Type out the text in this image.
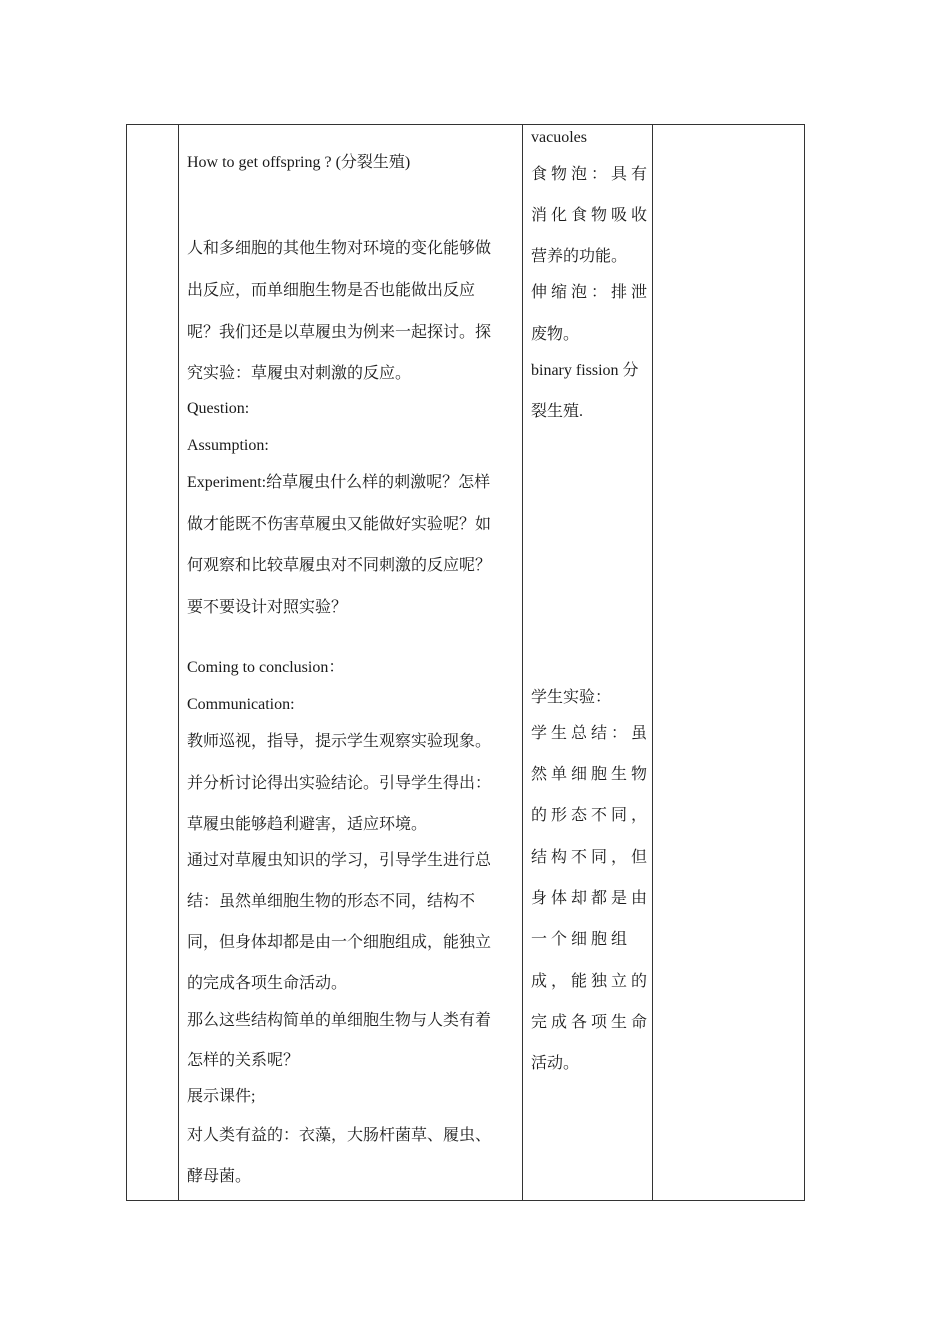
How to get offspring ? (分裂生殖)
人和多细胞的其他生物对环境的变化能够做
出反应，而单细胞生物是否也能做出反应
呢？我们还是以草履虫为例来一起探讨。探
究实验：草履虫对刺激的反应。
Question:
Assumption:
Experiment:给草履虫什么样的刺激呢？怎样
做才能既不伤害草履虫又能做好实验呢？如
何观察和比较草履虫对不同刺激的反应呢？
要不要设计对照实验？
Coming to conclusion：
Communication:
教师巡视，指导，提示学生观察实验现象。
并分析讨论得出实验结论。引导学生得出：
草履虫能够趋利避害，适应环境。
通过对草履虫知识的学习，引导学生进行总
结：虽然单细胞生物的形态不同，结构不
同，但身体却都是由一个细胞组成，能独立
的完成各项生命活动。
那么这些结构简单的单细胞生物与人类有着
怎样的关系呢？
展示课件;
对人类有益的：衣藻，大肠杆菌草、履虫、
酵母菌。
vacuoles
食物泡：具有
消化食物吸收
营养的功能。
伸缩泡：排泄
废物。
binary fission 分
裂生殖.
学生实验：
学生总结：虽
然单细胞生物
的形态不同，
结构不同，但
身体却都是由
一 个 细 胞 组
成，能独立的
完成各项生命
活动。
